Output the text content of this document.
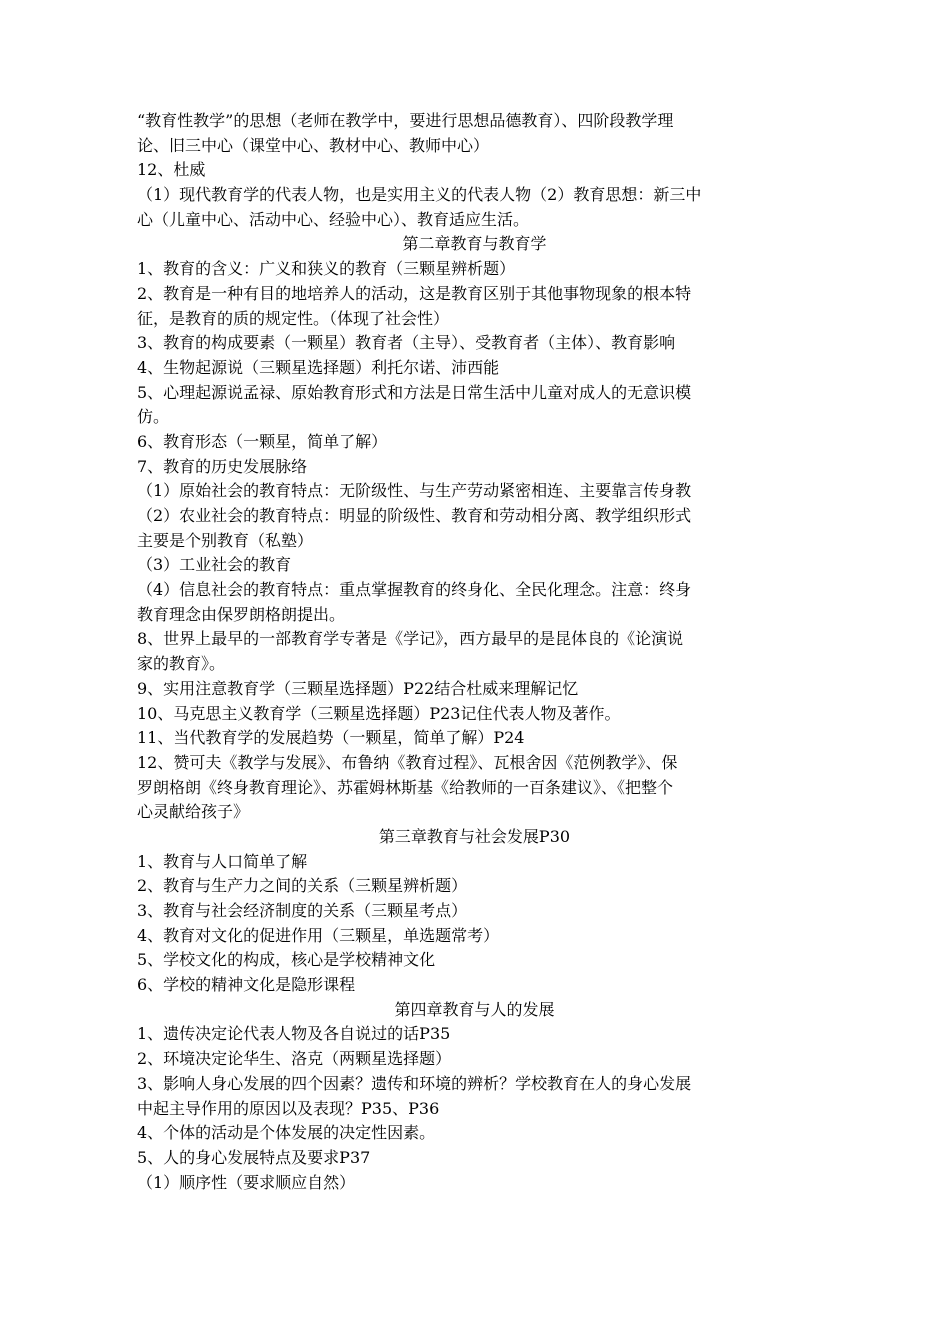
“教育性教学”的思想（老师在教学中，要进行思想品德教育）、四阶段教学理
论、旧三中心（课堂中心、教材中心、教师中心）
12、杜威
（1）现代教育学的代表人物，也是实用主义的代表人物（2）教育思想：新三中
心（儿童中心、活动中心、经验中心）、教育适应生活。
第二章教育与教育学
1、教育的含义：广义和狭义的教育（三颗星辨析题）
2、教育是一种有目的地培养人的活动，这是教育区别于其他事物现象的根本特
征，是教育的质的规定性。（体现了社会性）
3、教育的构成要素（一颗星）教育者（主导）、受教育者（主体）、教育影响
4、生物起源说（三颗星选择题）利托尔诺、沛西能
5、心理起源说孟禄、原始教育形式和方法是日常生活中儿童对成人的无意识模
仿。
6、教育形态（一颗星，简单了解）
7、教育的历史发展脉络
（1）原始社会的教育特点：无阶级性、与生产劳动紧密相连、主要靠言传身教
（2）农业社会的教育特点：明显的阶级性、教育和劳动相分离、教学组织形式
主要是个别教育（私塾）
（3）工业社会的教育
（4）信息社会的教育特点：重点掌握教育的终身化、全民化理念。注意：终身
教育理念由保罗朗格朗提出。
8、世界上最早的一部教育学专著是《学记》，西方最早的是昆体良的《论演说
家的教育》。
9、实用注意教育学（三颗星选择题）P22结合杜威来理解记忆
10、马克思主义教育学（三颗星选择题）P23记住代表人物及著作。
11、当代教育学的发展趋势（一颗星，简单了解）P24
12、赞可夫《教学与发展》、布鲁纳《教育过程》、瓦根舍因《范例教学》、保
罗朗格朗《终身教育理论》、苏霍姆林斯基《给教师的一百条建议》、《把整个
心灵献给孩子》
第三章教育与社会发展P30
1、教育与人口简单了解
2、教育与生产力之间的关系（三颗星辨析题）
3、教育与社会经济制度的关系（三颗星考点）
4、教育对文化的促进作用（三颗星，单选题常考）
5、学校文化的构成，核心是学校精神文化
6、学校的精神文化是隐形课程
第四章教育与人的发展
1、遗传决定论代表人物及各自说过的话P35
2、环境决定论华生、洛克（两颗星选择题）
3、影响人身心发展的四个因素？遗传和环境的辨析？学校教育在人的身心发展
中起主导作用的原因以及表现？P35、P36
4、个体的活动是个体发展的决定性因素。
5、人的身心发展特点及要求P37
（1）顺序性（要求顺应自然）
